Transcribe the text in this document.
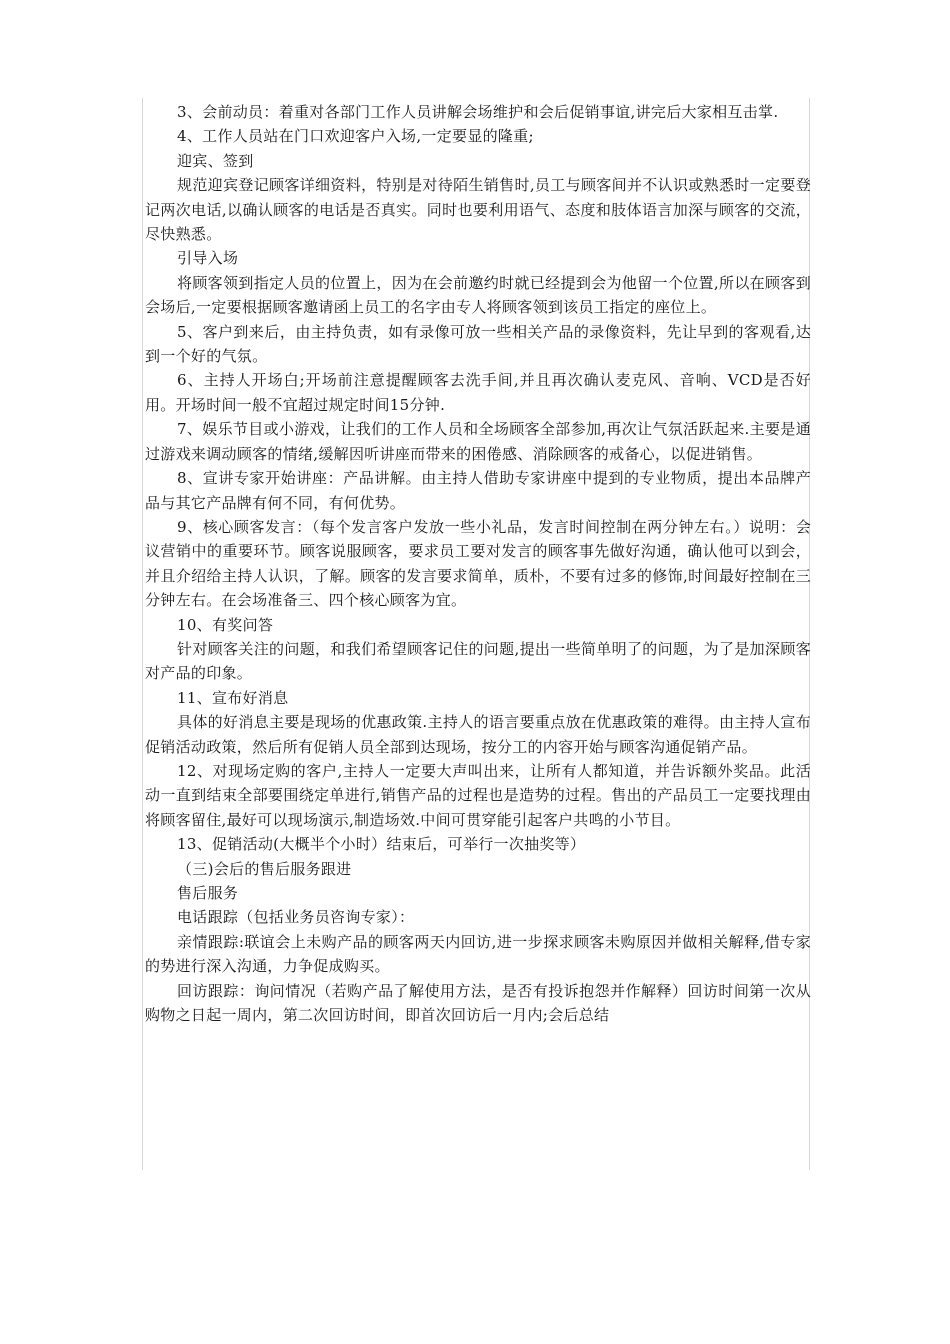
3、会前动员：着重对各部门工作人员讲解会场维护和会后促销事谊,讲完后大家相互击掌.

4、工作人员站在门口欢迎客户入场,一定要显的隆重;

迎宾、签到

规范迎宾登记顾客详细资料，特别是对待陌生销售时,员工与顾客间并不认识或熟悉时一定要登记两次电话,以确认顾客的电话是否真实。同时也要利用语气、态度和肢体语言加深与顾客的交流，尽快熟悉。

引导入场

将顾客领到指定人员的位置上，因为在会前邀约时就已经提到会为他留一个位置,所以在顾客到会场后,一定要根据顾客邀请函上员工的名字由专人将顾客领到该员工指定的座位上。

5、客户到来后，由主持负责，如有录像可放一些相关产品的录像资料，先让早到的客观看,达到一个好的气氛。

6、主持人开场白;开场前注意提醒顾客去洗手间,并且再次确认麦克风、音响、VCD是否好用。开场时间一般不宜超过规定时间15分钟.

7、娱乐节目或小游戏，让我们的工作人员和全场顾客全部参加,再次让气氛活跃起来.主要是通过游戏来调动顾客的情绪,缓解因听讲座而带来的困倦感、消除顾客的戒备心，以促进销售。

8、宣讲专家开始讲座：产品讲解。由主持人借助专家讲座中提到的专业物质，提出本品牌产品与其它产品牌有何不同，有何优势。

9、核心顾客发言：（每个发言客户发放一些小礼品，发言时间控制在两分钟左右。）说明：会议营销中的重要环节。顾客说服顾客，要求员工要对发言的顾客事先做好沟通，确认他可以到会，并且介绍给主持人认识，了解。顾客的发言要求简单，质朴，不要有过多的修饰,时间最好控制在三分钟左右。在会场准备三、四个核心顾客为宜。

10、有奖问答

针对顾客关注的问题，和我们希望顾客记住的问题,提出一些简单明了的问题，为了是加深顾客对产品的印象。

11、宣布好消息

具体的好消息主要是现场的优惠政策.主持人的语言要重点放在优惠政策的难得。由主持人宣布促销活动政策，然后所有促销人员全部到达现场，按分工的内容开始与顾客沟通促销产品。

12、对现场定购的客户,主持人一定要大声叫出来，让所有人都知道，并告诉额外奖品。此活动一直到结束全部要围绕定单进行,销售产品的过程也是造势的过程。售出的产品员工一定要找理由将顾客留住,最好可以现场演示,制造场效.中间可贯穿能引起客户共鸣的小节目。

13、促销活动(大概半个小时）结束后，可举行一次抽奖等）

（三)会后的售后服务跟进

售后服务

电话跟踪（包括业务员咨询专家）：

亲情跟踪:联谊会上未购产品的顾客两天内回访,进一步探求顾客未购原因并做相关解释,借专家的势进行深入沟通，力争促成购买。

回访跟踪：询问情况（若购产品了解使用方法，是否有投诉抱怨并作解释）回访时间第一次从购物之日起一周内，第二次回访时间，即首次回访后一月内;会后总结
